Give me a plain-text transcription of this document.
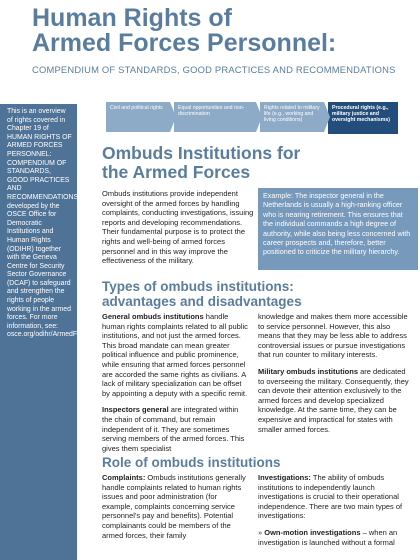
Human Rights of
Armed Forces Personnel:
COMPENDIUM OF STANDARDS, GOOD PRACTICES AND RECOMMENDATIONS

This is an overview of rights covered in Chapter 19 of HUMAN RIGHTS OF ARMED FORCES PERSONNEL: COMPENDIUM OF STANDARDS, GOOD PRACTICES AND RECOMMENDATIONS developed by the OSCE Office for Democratic Institutions and Human Rights (ODIHR) together with the Geneva Centre for Security Sector Governance (DCAF) to safeguard and strengthen the rights of people working in the armed forces. For more information, see: osce.org/odihr/ArmedForcesRights

Civil and political rights	Equal opportunities and non-discrimination
Rights related to military life (e.g., working and living conditions)
Procedural rights (e.g., military justice and oversight mechanisms)
Ombuds Institutions for
the Armed Forces
Ombuds institutions provide independent oversight of the armed forces by handling complaints, conducting investigations, issuing reports and developing recommendations. Their fundamental purpose is to protect the rights and well-being of armed forces personnel and in this way improve the effectiveness of the military.

Example: The inspector general in the Netherlands is usually a high-ranking officer who is nearing retirement. This ensures that the individual commands a high degree of authority, while also being less concerned with career prospects and, therefore, better positioned to criticize the military hierarchy.

Types of ombuds institutions:
advantages and disadvantages

General ombuds institutions handle human rights complaints related to all public institutions, and not just the armed forces. This broad mandate can mean greater political influence and public prominence, while ensuring that armed forces personnel are accorded the same rights as civilians. A lack of military specialization can be offset by appointing a deputy with a specific remit.

Inspectors general are integrated within the chain of command, but remain independent of it. They are sometimes serving members of the armed forces. This gives them specialist

knowledge and makes them more accessible to service personnel. However, this also means that they may be less able to address controversial issues or pursue investigations that run counter to military interests.

Military ombuds institutions are dedicated to overseeing the military. Consequently, they can devote their attention exclusively to the armed forces and develop specialized knowledge. At the same time, they can be expensive and impractical for states with smaller armed forces.

Role of ombuds institutions

Complaints: Ombuds institutions generally handle complaints related to human rights issues and poor administration (for example, complaints concerning service personnel's pay and benefits). Potential complainants could be members of the armed forces, their family

Investigations: The ability of ombuds institutions to independently launch investigations is crucial to their operational independence. There are two main types of investigations:

» Own-motion investigations – when an investigation is launched without a formal
